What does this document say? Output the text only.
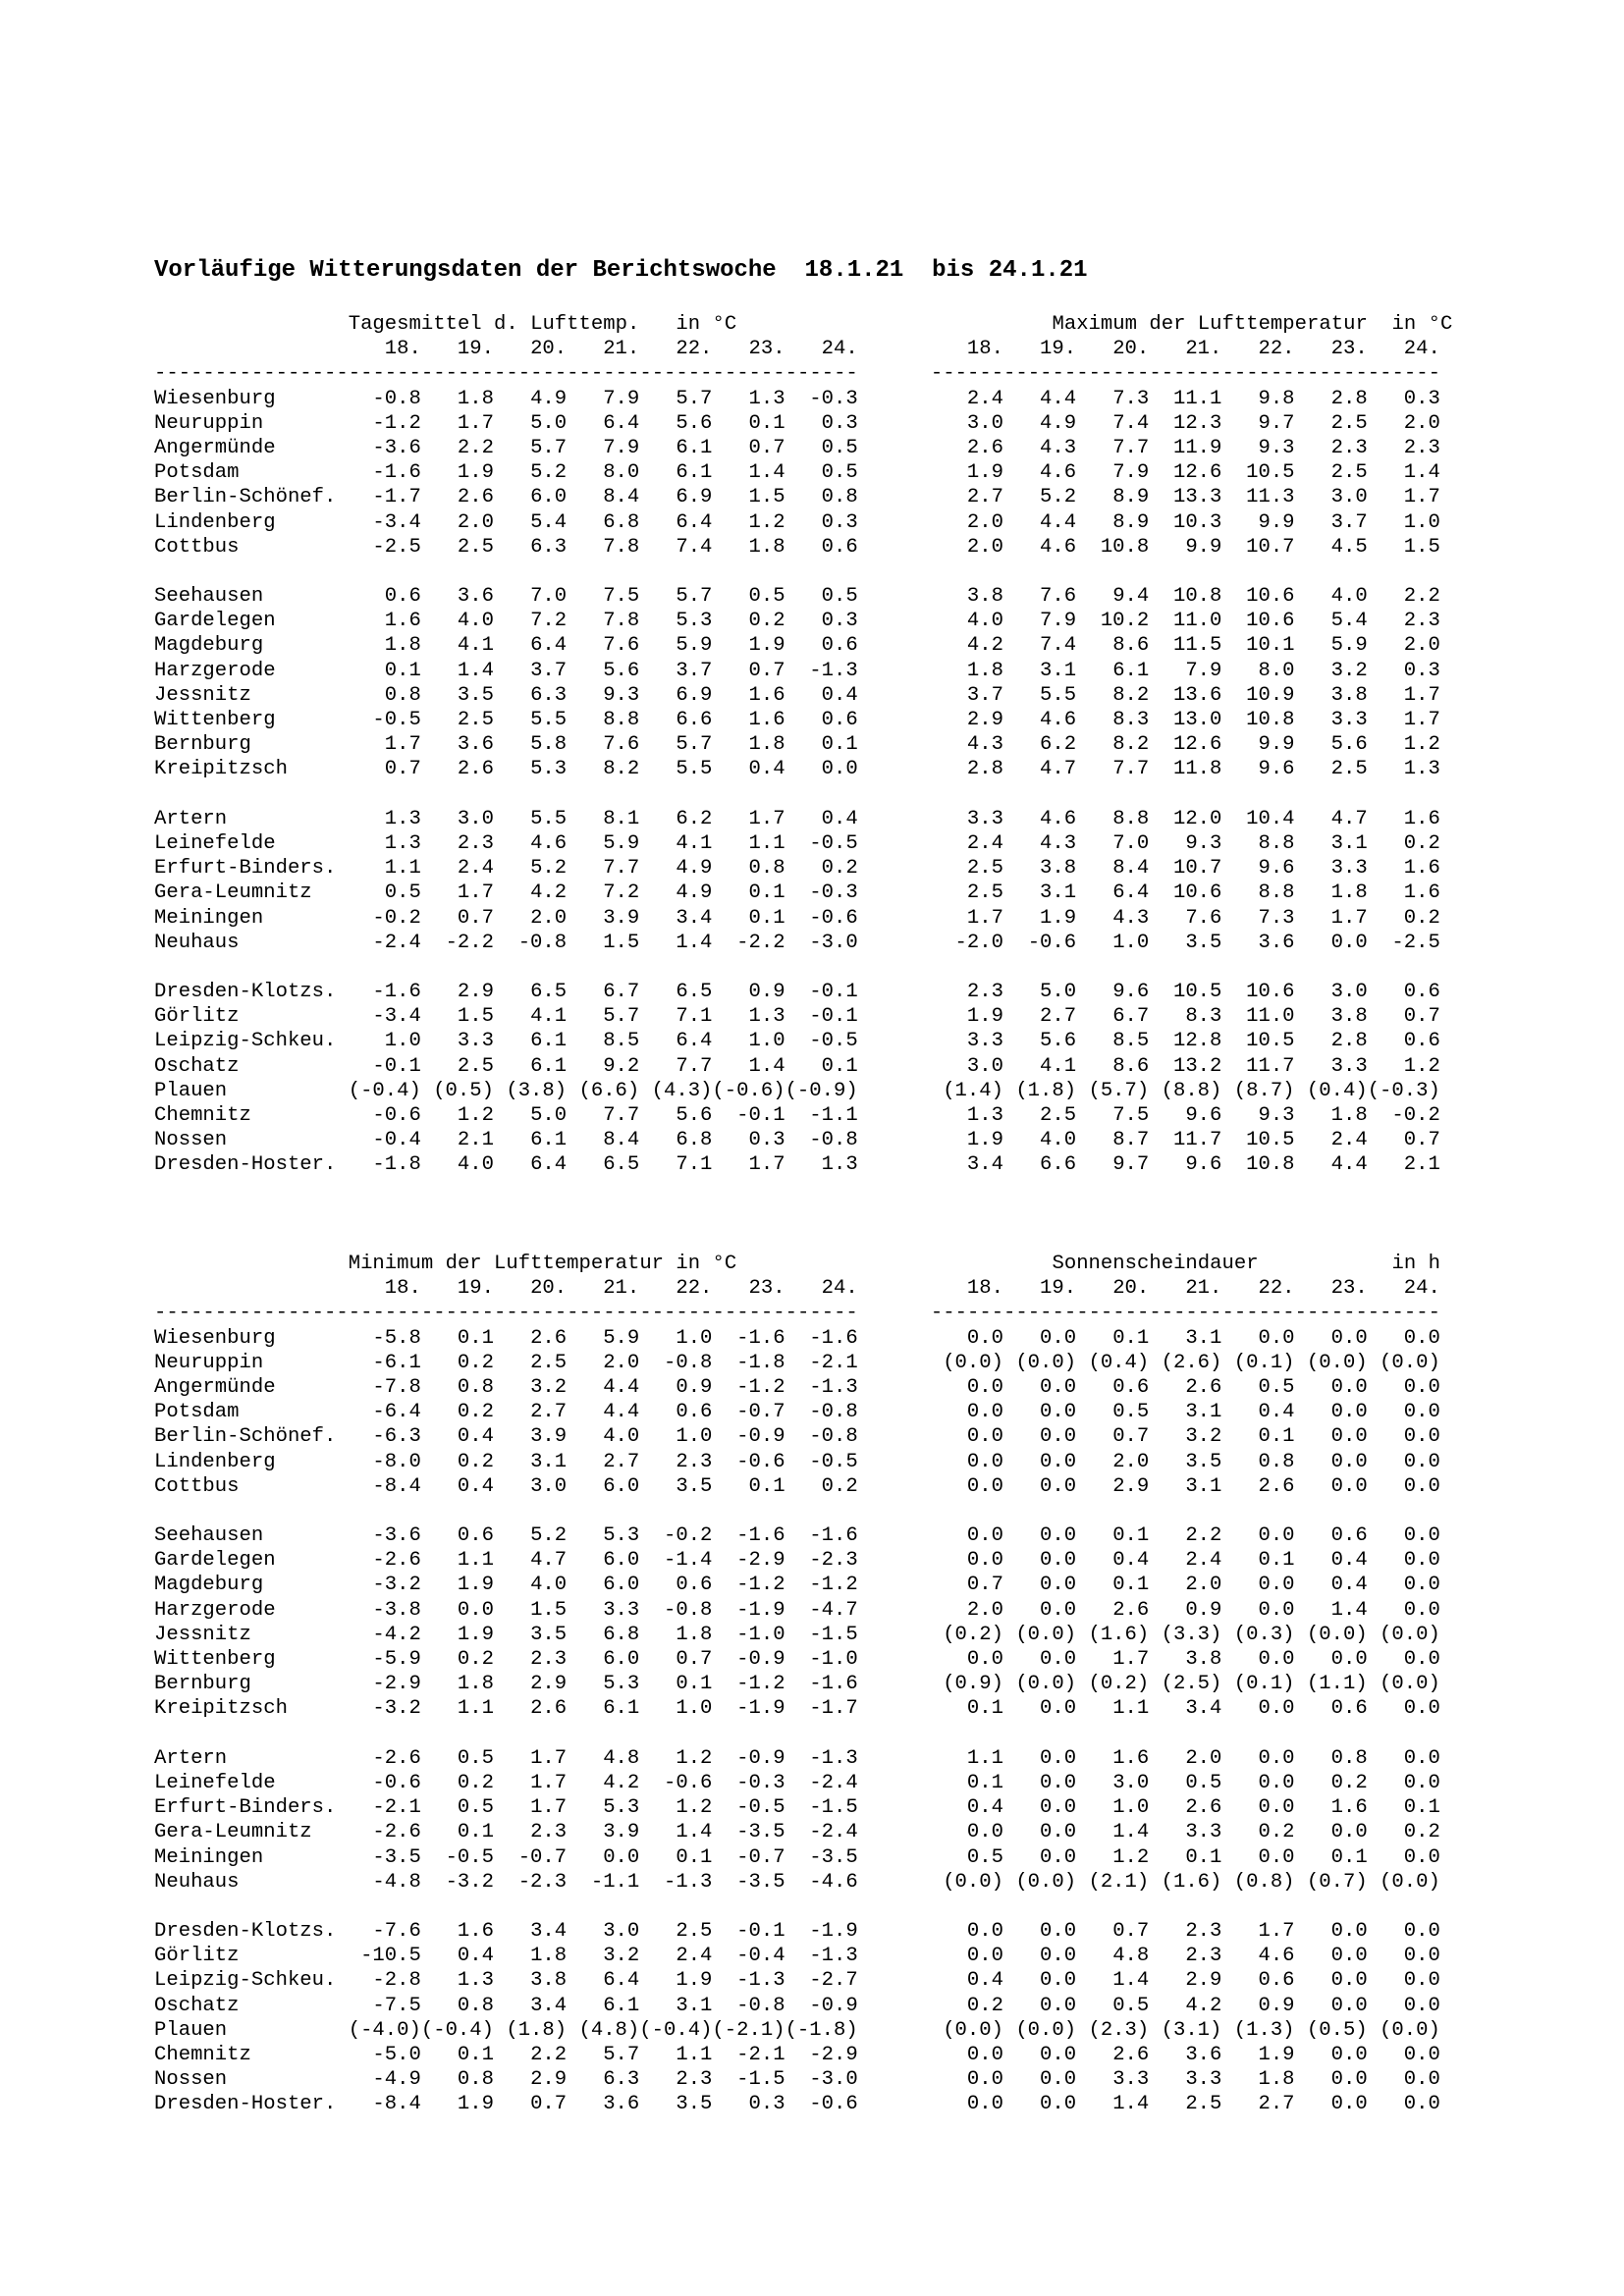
Vorläufige Witterungsdaten der Berichtswoche  18.1.21  bis 24.1.21
Tagesmittel d. Lufttemp. in °C	Maximum der Lufttemperatur in °C
18. 19. 20. 21. 22. 23. 24.	18. 19. 20. 21. 22. 23. 24.
----------------------------------------------------------	------------------------------------------
Wiesenburg	-0.8 1.8 4.9 7.9 5.7 1.3 -0.3	2.4 4.4 7.3 11.1 9.8 2.8 0.3
Neuruppin	-1.2 1.7 5.0 6.4 5.6 0.1 0.3	3.0 4.9 7.4 12.3 9.7 2.5 2.0
Angermünde	-3.6 2.2 5.7 7.9 6.1 0.7 0.5	2.6 4.3 7.7 11.9 9.3 2.3 2.3
Potsdam	-1.6 1.9 5.2 8.0 6.1 1.4 0.5	1.9 4.6 7.9 12.6 10.5 2.5 1.4
Berlin-Schönef. -1.7 2.6 6.0 8.4 6.9 1.5 0.8	2.7 5.2 8.9 13.3 11.3 3.0 1.7
Lindenberg	-3.4 2.0 5.4 6.8 6.4 1.2 0.3	2.0 4.4 8.9 10.3 9.9 3.7 1.0
Cottbus	-2.5 2.5 6.3 7.8 7.4 1.8 0.6	2.0 4.6 10.8 9.9 10.7 4.5 1.5

Seehausen	0.6 3.6 7.0 7.5 5.7 0.5 0.5	3.8 7.6 9.4 10.8 10.6 4.0 2.2
Gardelegen	1.6 4.0 7.2 7.8 5.3 0.2 0.3	4.0 7.9 10.2 11.0 10.6 5.4 2.3
Magdeburg	1.8 4.1 6.4 7.6 5.9 1.9 0.6	4.2 7.4 8.6 11.5 10.1 5.9 2.0
Harzgerode	0.1 1.4 3.7 5.6 3.7 0.7 -1.3	1.8 3.1 6.1 7.9 8.0 3.2 0.3
Jessnitz	0.8 3.5 6.3 9.3 6.9 1.6 0.4	3.7 5.5 8.2 13.6 10.9 3.8 1.7
Wittenberg	-0.5 2.5 5.5 8.8 6.6 1.6 0.6	2.9 4.6 8.3 13.0 10.8 3.3 1.7
Bernburg	1.7 3.6 5.8 7.6 5.7 1.8 0.1	4.3 6.2 8.2 12.6 9.9 5.6 1.2
Kreipitzsch	0.7 2.6 5.3 8.2 5.5 0.4 0.0	2.8 4.7 7.7 11.8 9.6 2.5 1.3

Artern	1.3 3.0 5.5 8.1 6.2 1.7 0.4	3.3 4.6 8.8 12.0 10.4 4.7 1.6
Leinefelde	1.3 2.3 4.6 5.9 4.1 1.1 -0.5	2.4 4.3 7.0 9.3 8.8 3.1 0.2
Erfurt-Binders. 1.1 2.4 5.2 7.7 4.9 0.8 0.2	2.5 3.8 8.4 10.7 9.6 3.3 1.6
Gera-Leumnitz	0.5 1.7 4.2 7.2 4.9 0.1 -0.3	2.5 3.1 6.4 10.6 8.8 1.8 1.6
Meiningen	-0.2 0.7 2.0 3.9 3.4 0.1 -0.6	1.7 1.9 4.3 7.6 7.3 1.7 0.2
Neuhaus	-2.4 -2.2 -0.8 1.5 1.4 -2.2 -3.0	-2.0 -0.6 1.0 3.5 3.6 0.0 -2.5

Dresden-Klotzs. -1.6 2.9 6.5 6.7 6.5 0.9 -0.1	2.3 5.0 9.6 10.5 10.6 3.0 0.6
Görlitz	-3.4 1.5 4.1 5.7 7.1 1.3 -0.1	1.9 2.7 6.7 8.3 11.0 3.8 0.7
Leipzig-Schkeu. 1.0 3.3 6.1 8.5 6.4 1.0 -0.5	3.3 5.6 8.5 12.8 10.5 2.8 0.6
Oschatz	-0.1 2.5 6.1 9.2 7.7 1.4 0.1	3.0 4.1 8.6 13.2 11.7 3.3 1.2
Plauen	(-0.4) (0.5) (3.8) (6.6) (4.3)(-0.6)(-0.9)	(1.4) (1.8) (5.7) (8.8) (8.7) (0.4)(-0.3)
Chemnitz	-0.6 1.2 5.0 7.7 5.6 -0.1 -1.1	1.3 2.5 7.5 9.6 9.3 1.8 -0.2
Nossen	-0.4 2.1 6.1 8.4 6.8 0.3 -0.8	1.9 4.0 8.7 11.7 10.5 2.4 0.7
Dresden-Hoster. -1.8 4.0 6.4 6.5 7.1 1.7 1.3	3.4 6.6 9.7 9.6 10.8 4.4 2.1
Minimum der Lufttemperatur in °C	Sonnenscheindauer	in h
18. 19. 20. 21. 22. 23. 24.	18. 19. 20. 21. 22. 23. 24.
----------------------------------------------------------	------------------------------------------
Wiesenburg	-5.8 0.1 2.6 5.9 1.0 -1.6 -1.6	0.0 0.0 0.1 3.1 0.0 0.0 0.0
Neuruppin	-6.1 0.2 2.5 2.0 -0.8 -1.8 -2.1	(0.0) (0.0) (0.4) (2.6) (0.1) (0.0) (0.0)
Angermünde	-7.8 0.8 3.2 4.4 0.9 -1.2 -1.3	0.0 0.0 0.6 2.6 0.5 0.0 0.0
Potsdam	-6.4 0.2 2.7 4.4 0.6 -0.7 -0.8	0.0 0.0 0.5 3.1 0.4 0.0 0.0
Berlin-Schönef. -6.3 0.4 3.9 4.0 1.0 -0.9 -0.8	0.0 0.0 0.7 3.2 0.1 0.0 0.0
Lindenberg	-8.0 0.2 3.1 2.7 2.3 -0.6 -0.5	0.0 0.0 2.0 3.5 0.8 0.0 0.0
Cottbus	-8.4 0.4 3.0 6.0 3.5 0.1 0.2	0.0 0.0 2.9 3.1 2.6 0.0 0.0

Seehausen	-3.6 0.6 5.2 5.3 -0.2 -1.6 -1.6	0.0 0.0 0.1 2.2 0.0 0.6 0.0
Gardelegen	-2.6 1.1 4.7 6.0 -1.4 -2.9 -2.3	0.0 0.0 0.4 2.4 0.1 0.4 0.0
Magdeburg	-3.2 1.9 4.0 6.0 0.6 -1.2 -1.2	0.7 0.0 0.1 2.0 0.0 0.4 0.0
Harzgerode	-3.8 0.0 1.5 3.3 -0.8 -1.9 -4.7	2.0 0.0 2.6 0.9 0.0 1.4 0.0
Jessnitz	-4.2 1.9 3.5 6.8 1.8 -1.0 -1.5	(0.2) (0.0) (1.6) (3.3) (0.3) (0.0) (0.0)
Wittenberg	-5.9 0.2 2.3 6.0 0.7 -0.9 -1.0	0.0 0.0 1.7 3.8 0.0 0.0 0.0
Bernburg	-2.9 1.8 2.9 5.3 0.1 -1.2 -1.6	(0.9) (0.0) (0.2) (2.5) (0.1) (1.1) (0.0)
Kreipitzsch	-3.2 1.1 2.6 6.1 1.0 -1.9 -1.7	0.1 0.0 1.1 3.4 0.0 0.6 0.0

Artern	-2.6 0.5 1.7 4.8 1.2 -0.9 -1.3	1.1 0.0 1.6 2.0 0.0 0.8 0.0
Leinefelde	-0.6 0.2 1.7 4.2 -0.6 -0.3 -2.4	0.1 0.0 3.0 0.5 0.0 0.2 0.0
Erfurt-Binders. -2.1 0.5 1.7 5.3 1.2 -0.5 -1.5	0.4 0.0 1.0 2.6 0.0 1.6 0.1
Gera-Leumnitz	-2.6 0.1 2.3 3.9 1.4 -3.5 -2.4	0.0 0.0 1.4 3.3 0.2 0.0 0.2
Meiningen	-3.5 -0.5 -0.7 0.0 0.1 -0.7 -3.5	0.5 0.0 1.2 0.1 0.0 0.1 0.0
Neuhaus	-4.8 -3.2 -2.3 -1.1 -1.3 -3.5 -4.6	(0.0) (0.0) (2.1) (1.6) (0.8) (0.7) (0.0)

Dresden-Klotzs. -7.6 1.6 3.4 3.0 2.5 -0.1 -1.9	0.0 0.0 0.7 2.3 1.7 0.0 0.0
Görlitz	-10.5 0.4 1.8 3.2 2.4 -0.4 -1.3	0.0 0.0 4.8 2.3 4.6 0.0 0.0
Leipzig-Schkeu. -2.8 1.3 3.8 6.4 1.9 -1.3 -2.7	0.4 0.0 1.4 2.9 0.6 0.0 0.0
Oschatz	-7.5 0.8 3.4 6.1 3.1 -0.8 -0.9	0.2 0.0 0.5 4.2 0.9 0.0 0.0
Plauen	(-4.0)(-0.4) (1.8) (4.8)(-0.4)(-2.1)(-1.8)	(0.0) (0.0) (2.3) (3.1) (1.3) (0.5) (0.0)
Chemnitz	-5.0 0.1 2.2 5.7 1.1 -2.1 -2.9	0.0 0.0 2.6 3.6 1.9 0.0 0.0
Nossen	-4.9 0.8 2.9 6.3 2.3 -1.5 -3.0	0.0 0.0 3.3 3.3 1.8 0.0 0.0
Dresden-Hoster. -8.4 1.9 0.7 3.6 3.5 0.3 -0.6	0.0 0.0 1.4 2.5 2.7 0.0 0.0
